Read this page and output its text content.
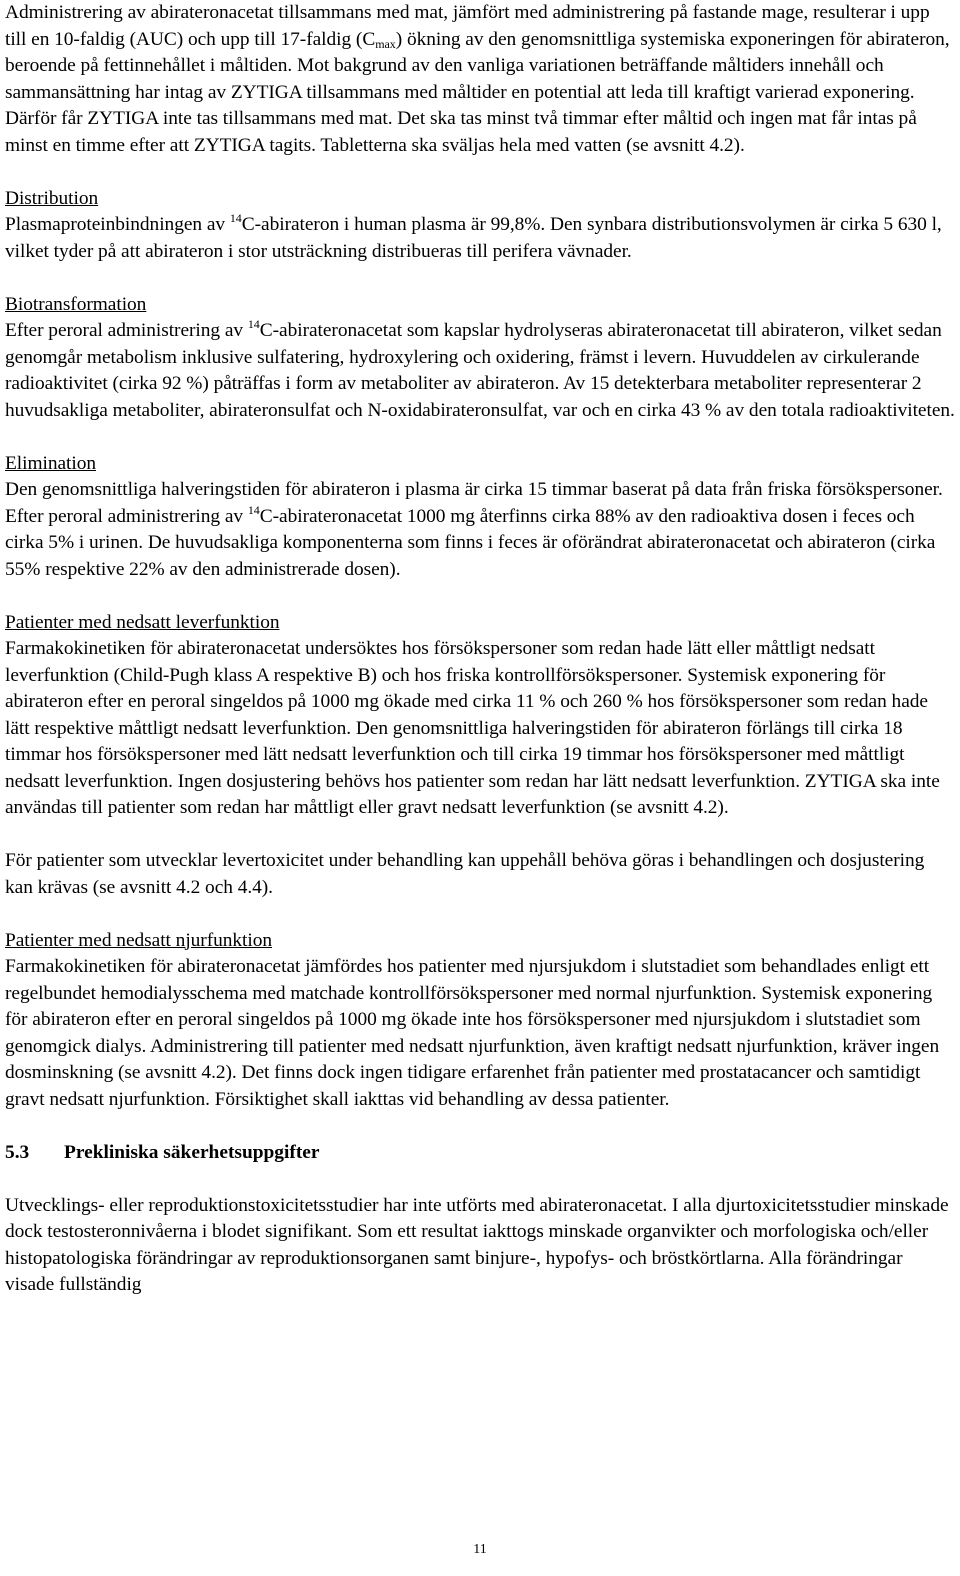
Administrering av abirateronacetat tillsammans med mat, jämfört med administrering på fastande mage, resulterar i upp till en 10-faldig (AUC) och upp till 17-faldig $(C_{max})$ ökning av den genomsnittliga systemiska exponeringen för abirateron, beroende på fettinnehållet i måltiden. Mot bakgrund av den vanliga variationen beträffande måltiders innehåll och sammansättning har intag av ZYTIGA tillsammans med måltider en potential att leda till kraftigt varierad exponering. Därför får ZYTIGA inte tas tillsammans med mat. Det ska tas minst två timmar efter måltid och ingen mat får intas på minst en timme efter att ZYTIGA tagits. Tabletterna ska sväljas hela med vatten (se avsnitt 4.2).

Distribution

Plasmaproteinbindningen av $^{14}$C-abirateron i human plasma är 99,8%. Den synbara distributionsvolymen är cirka 5 630 l, vilket tyder på att abirateron i stor utsträckning distribueras till perifera vävnader.

Biotransformation

Efter peroral administrering av $^{14}$C-abirateronacetat som kapslar hydrolyseras abirateronacetat till abirateron, vilket sedan genomgår metabolism inklusive sulfatering, hydroxylering och oxidering, främst i levern. Huvuddelen av cirkulerande radioaktivitet (cirka 92 %) påträffas i form av metaboliter av abirateron. Av 15 detekterbara metaboliter representerar 2 huvudsakliga metaboliter, abirateronsulfat och N-oxidabirateronsulfat, var och en cirka 43 % av den totala radioaktiviteten.

Elimination

Den genomsnittliga halveringstiden för abirateron i plasma är cirka 15 timmar baserat på data från friska försökspersoner. Efter peroral administrering av $^{14}$C-abirateronacetat 1000 mg återfinns cirka 88% av den radioaktiva dosen i feces och cirka 5% i urinen. De huvudsakliga komponenterna som finns i feces är oförändrat abirateronacetat och abirateron (cirka 55% respektive 22% av den administrerade dosen).

Patienter med nedsatt leverfunktion

Farmakokinetiken för abirateronacetat undersöktes hos försökspersoner som redan hade lätt eller måttligt nedsatt leverfunktion (Child-Pugh klass A respektive B) och hos friska kontrollförsökspersoner. Systemisk exponering för abirateron efter en peroral singeldos på 1000 mg ökade med cirka 11 % och 260 % hos försökspersoner som redan hade lätt respektive måttligt nedsatt leverfunktion. Den genomsnittliga halveringstiden för abirateron förlängs till cirka 18 timmar hos försökspersoner med lätt nedsatt leverfunktion och till cirka 19 timmar hos försökspersoner med måttligt nedsatt leverfunktion. Ingen dosjustering behövs hos patienter som redan har lätt nedsatt leverfunktion. ZYTIGA ska inte användas till patienter som redan har måttligt eller gravt nedsatt leverfunktion (se avsnitt 4.2).

För patienter som utvecklar levertoxicitet under behandling kan uppehåll behöva göras i behandlingen och dosjustering kan krävas (se avsnitt 4.2 och 4.4).

Patienter med nedsatt njurfunktion

Farmakokinetiken för abirateronacetat jämfördes hos patienter med njursjukdom i slutstadiet som behandlades enligt ett regelbundet hemodialysschema med matchade kontrollförsökspersoner med normal njurfunktion. Systemisk exponering för abirateron efter en peroral singeldos på 1000 mg ökade inte hos försökspersoner med njursjukdom i slutstadiet som genomgick dialys. Administrering till patienter med nedsatt njurfunktion, även kraftigt nedsatt njurfunktion, kräver ingen dosminskning (se avsnitt 4.2). Det finns dock ingen tidigare erfarenhet från patienter med prostatacancer och samtidigt gravt nedsatt njurfunktion. Försiktighet skall iakttas vid behandling av dessa patienter.

5.3	Prekliniska säkerhetsuppgifter

Utvecklings- eller reproduktionstoxicitetsstudier har inte utförts med abirateronacetat. I alla djurtoxicitetsstudier minskade dock testosteronnivåerna i blodet signifikant. Som ett resultat iakttogs minskade organvikter och morfologiska och/eller histopatologiska förändringar av reproduktionsorganen samt binjure-, hypofys- och bröstkörtlarna. Alla förändringar visade fullständig

11
